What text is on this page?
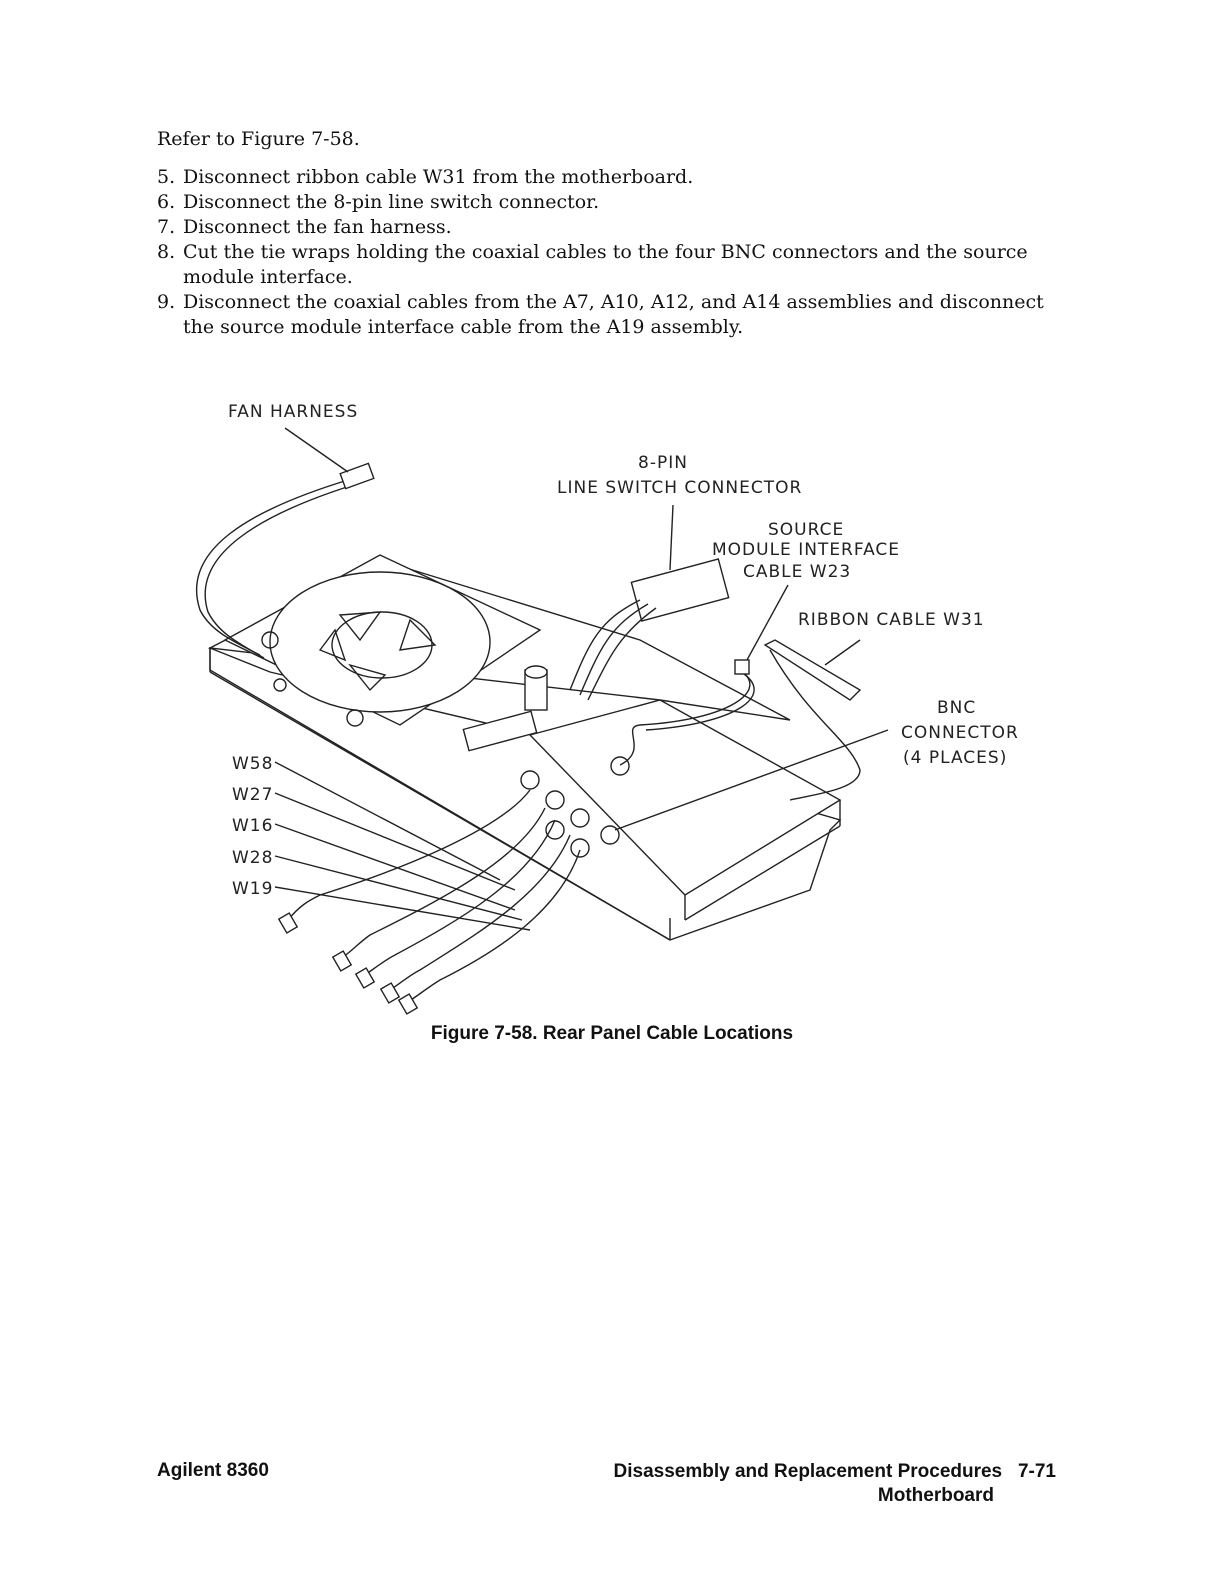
Refer to Figure 7-58.
5. Disconnect ribbon cable W31 from the motherboard.
6. Disconnect the 8-pin line switch connector.
7. Disconnect the fan harness.
8. Cut the tie wraps holding the coaxial cables to the four BNC connectors and the source module interface.
9. Disconnect the coaxial cables from the A7, A10, A12, and A14 assemblies and disconnect the source module interface cable from the A19 assembly.
FAN HARNESS
8-PIN
LINE SWITCH CONNECTOR
SOURCE
MODULE INTERFACE
CABLE W23
RIBBON CABLE W31
BNC
CONNECTOR
(4 PLACES)
W58
W27
W16
W28
W19
Figure 7-58. Rear Panel Cable Locations
Agilent 8360	Disassembly and Replacement Procedures 7-71
Motherboard
